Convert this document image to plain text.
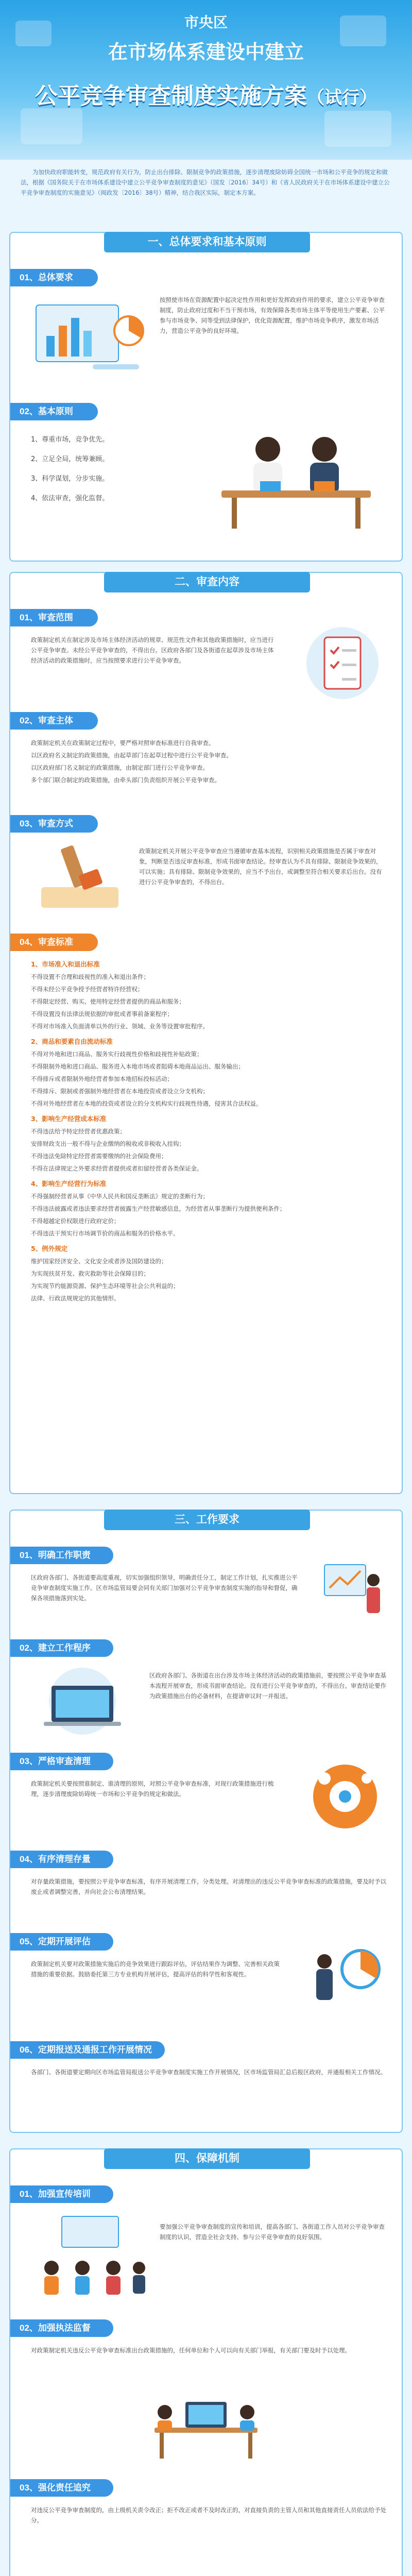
市央区
在市场体系建设中建立
公平竞争审查制度实施方案（试行）

为加快政府职能转变，规范政府有关行为，防止出台排除、限制竞争的政策措施，逐步清理废除妨碍全国统一市场和公平竞争的规定和做法，根据《国务院关于在市场体系建设中建立公平竞争审查制度的意见》（国发〔2016〕34号）和《省人民政府关于在市场体系建设中建立公平竞争审查制度的实施意见》（闽政发〔2016〕38号）精神，结合我区实际，制定本方案。

一、总体要求和基本原则
01、总体要求
按照使市场在资源配置中起决定性作用和更好发挥政府作用的要求，建立公平竞争审查制度，防止政府过度和不当干预市场，有效保障各类市场主体平等使用生产要素、公平参与市场竞争、同等受到法律保护，优化资源配置，维护市场竞争秩序，激发市场活力，营造公平竞争的良好环境。
02、基本原则

1、尊重市场，竞争优先。

2、立足全局，统筹兼顾。

3、科学谋划，分步实施。

4、依法审查，强化监督。

二、审查内容
01、审查范围
政策制定机关在制定涉及市场主体经济活动的规章、规范性文件和其他政策措施时，应当进行公平竞争审查。未经公平竞争审查的，不得出台。区政府各部门及各街道在起草涉及市场主体经济活动的政策措施时，应当按照要求进行公平竞争审查。
02、审查主体

政策制定机关在政策制定过程中，要严格对照审查标准进行自我审查。

以区政府名义制定的政策措施，由起草部门在起草过程中进行公平竞争审查。

以区政府部门名义制定的政策措施，由制定部门进行公平竞争审查。

多个部门联合制定的政策措施，由牵头部门负责组织开展公平竞争审查。

03、审查方式
政策制定机关开展公平竞争审查应当遵循审查基本流程，识别相关政策措施是否属于审查对象，判断是否违反审查标准，形成书面审查结论。经审查认为不具有排除、限制竞争效果的，可以实施；具有排除、限制竞争效果的，应当不予出台，或调整至符合相关要求后出台。没有进行公平竞争审查的，不得出台。
04、审查标准

1、市场准入和退出标准

不得设置不合理和歧视性的准入和退出条件；

不得未经公平竞争授予经营者特许经营权；

不得限定经营、购买、使用特定经营者提供的商品和服务；

不得设置没有法律法规依据的审批或者事前备案程序；

不得对市场准入负面清单以外的行业、领域、业务等设置审批程序。

2、商品和要素自由流动标准

不得对外地和进口商品、服务实行歧视性价格和歧视性补贴政策；

不得限制外地和进口商品、服务进入本地市场或者阻碍本地商品运出、服务输出；

不得排斥或者限制外地经营者参加本地招标投标活动；

不得排斥、限制或者强制外地经营者在本地投资或者设立分支机构；

不得对外地经营者在本地的投资或者设立的分支机构实行歧视性待遇，侵害其合法权益。

3、影响生产经营成本标准

不得违法给予特定经营者优惠政策；

安排财政支出一般不得与企业缴纳的税收或非税收入挂钩；

不得违法免除特定经营者需要缴纳的社会保险费用；

不得在法律规定之外要求经营者提供或者扣留经营者各类保证金。

4、影响生产经营行为标准

不得强制经营者从事《中华人民共和国反垄断法》规定的垄断行为；

不得违法披露或者违法要求经营者披露生产经营敏感信息，为经营者从事垄断行为提供便利条件；

不得超越定价权限进行政府定价；

不得违法干预实行市场调节价的商品和服务的价格水平。

5、例外规定

维护国家经济安全、文化安全或者涉及国防建设的；

为实现扶贫开发、救灾救助等社会保障目的；

为实现节约能源资源、保护生态环境等社会公共利益的；

法律、行政法规规定的其他情形。

三、工作要求
01、明确工作职责
区政府各部门、各街道要高度重视，切实加强组织领导，明确责任分工，制定工作计划，扎实推进公平竞争审查制度实施工作。区市场监管局要会同有关部门加强对公平竞争审查制度实施的指导和督促，确保各项措施落到实处。
02、建立工作程序
区政府各部门、各街道在出台涉及市场主体经济活动的政策措施前，要按照公平竞争审查基本流程开展审查，形成书面审查结论。没有进行公平竞争审查的，不得出台。审查结论要作为政策措施出台的必备材料，在提请审议时一并报送。
03、严格审查清理
政策制定机关要按照谁制定、谁清理的原则，对照公平竞争审查标准，对现行政策措施进行梳理，逐步清理废除妨碍统一市场和公平竞争的规定和做法。
04、有序清理存量
对存量政策措施，要按照公平竞争审查标准，有序开展清理工作，分类处理。对清理出的违反公平竞争审查标准的政策措施，要及时予以废止或者调整完善，并向社会公布清理结果。
05、定期开展评估
政策制定机关要对政策措施实施后的竞争效果进行跟踪评估，评估结果作为调整、完善相关政策措施的重要依据。鼓励委托第三方专业机构开展评估，提高评估的科学性和客观性。
06、定期报送及通报工作开展情况
各部门、各街道要定期向区市场监管局报送公平竞争审查制度实施工作开展情况，区市场监管局汇总后报区政府，并通报相关工作情况。
四、保障机制
01、加强宣传培训
要加强公平竞争审查制度的宣传和培训，提高各部门、各街道工作人员对公平竞争审查制度的认识，营造全社会支持、参与公平竞争审查的良好氛围。
02、加强执法监督
对政策制定机关违反公平竞争审查标准出台政策措施的，任何单位和个人可以向有关部门举报，有关部门要及时予以处理。
03、强化责任追究
对违反公平竞争审查制度的，由上级机关责令改正；拒不改正或者不及时改正的，对直接负责的主管人员和其他直接责任人员依法给予处分。
